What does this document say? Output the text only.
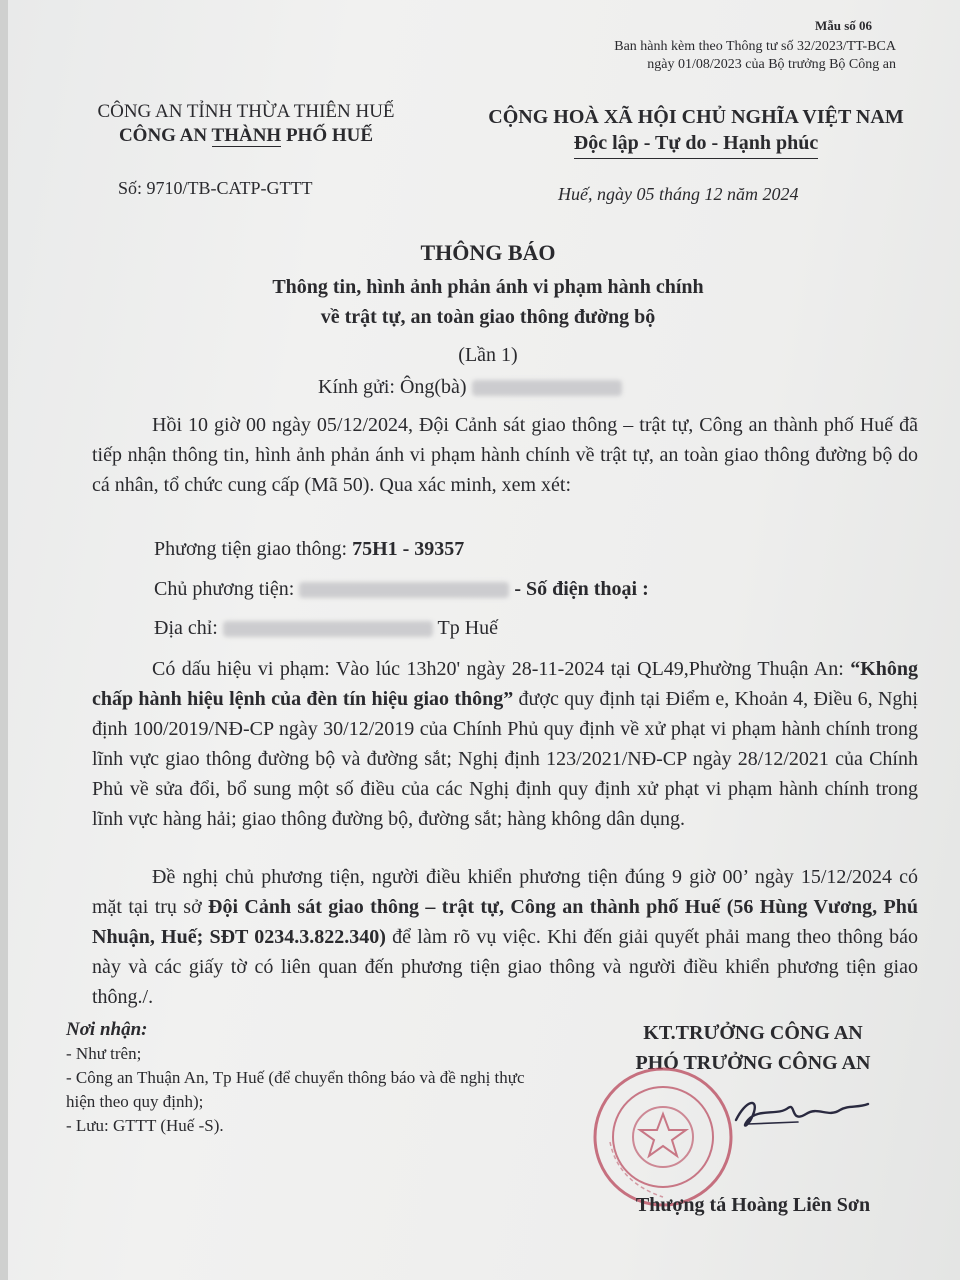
Mẫu số 06
Ban hành kèm theo Thông tư số 32/2023/TT-BCA
ngày 01/08/2023 của Bộ trưởng Bộ Công an
CÔNG AN TỈNH THỪA THIÊN HUẾ
CÔNG AN THÀNH PHỐ HUẾ
CỘNG HOÀ XÃ HỘI CHỦ NGHĨA VIỆT NAM
Độc lập - Tự do - Hạnh phúc
Số: 9710/TB-CATP-GTTT	Huế, ngày 05 tháng 12 năm 2024
THÔNG BÁO
Thông tin, hình ảnh phản ánh vi phạm hành chính
về trật tự, an toàn giao thông đường bộ
(Lần 1)
Kính gửi: Ông(bà)
Hồi 10 giờ 00 ngày 05/12/2024, Đội Cảnh sát giao thông – trật tự, Công an thành phố Huế đã tiếp nhận thông tin, hình ảnh phản ánh vi phạm hành chính về trật tự, an toàn giao thông đường bộ do cá nhân, tổ chức cung cấp (Mã 50). Qua xác minh, xem xét:
Phương tiện giao thông: 75H1 - 39357
Chủ phương tiện:	- Số điện thoại :
Địa chỉ:	Tp Huế
Có dấu hiệu vi phạm: Vào lúc 13h20' ngày 28-11-2024 tại QL49,Phường Thuận An: “Không chấp hành hiệu lệnh của đèn tín hiệu giao thông” được quy định tại Điểm e, Khoản 4, Điều 6, Nghị định 100/2019/NĐ-CP ngày 30/12/2019 của Chính Phủ quy định về xử phạt vi phạm hành chính trong lĩnh vực giao thông đường bộ và đường sắt; Nghị định 123/2021/NĐ-CP ngày 28/12/2021 của Chính Phủ về sửa đổi, bổ sung một số điều của các Nghị định quy định xử phạt vi phạm hành chính trong lĩnh vực hàng hải; giao thông đường bộ, đường sắt; hàng không dân dụng.
Đề nghị chủ phương tiện, người điều khiển phương tiện đúng 9 giờ 00’ ngày 15/12/2024 có mặt tại trụ sở Đội Cảnh sát giao thông – trật tự, Công an thành phố Huế (56 Hùng Vương, Phú Nhuận, Huế; SĐT 0234.3.822.340) để làm rõ vụ việc. Khi đến giải quyết phải mang theo thông báo này và các giấy tờ có liên quan đến phương tiện giao thông và người điều khiển phương tiện giao thông./.
Nơi nhận:
- Như trên;
- Công an Thuận An, Tp Huế (để chuyển thông báo và đề nghị thực hiện theo quy định);
- Lưu: GTTT (Huế -S).
KT.TRƯỞNG CÔNG AN
PHÓ TRƯỞNG CÔNG AN
Thượng tá Hoàng Liên Sơn
